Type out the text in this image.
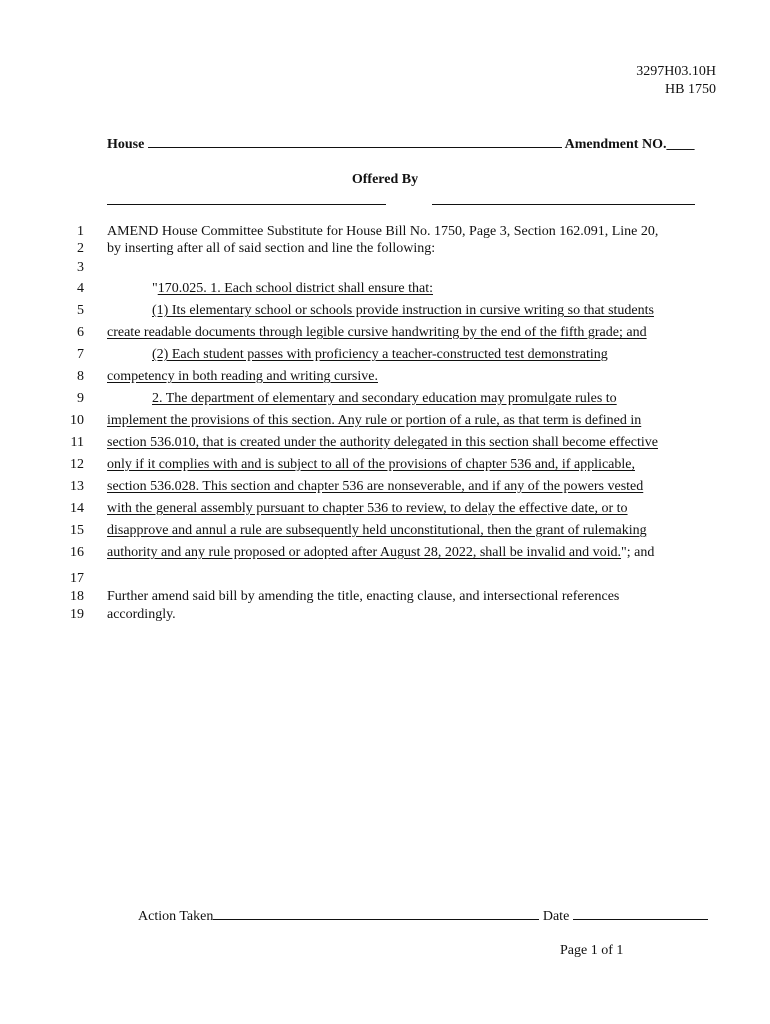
3297H03.10H
HB 1750
House	Amendment NO.____
Offered By
1 AMEND House Committee Substitute for House Bill No. 1750, Page 3, Section 162.091, Line 20,
2 by inserting after all of said section and line the following:
3
4	"170.025. 1. Each school district shall ensure that:
5	(1) Its elementary school or schools provide instruction in cursive writing so that students
6 create readable documents through legible cursive handwriting by the end of the fifth grade; and
7	(2) Each student passes with proficiency a teacher-constructed test demonstrating
8 competency in both reading and writing cursive.
9	2. The department of elementary and secondary education may promulgate rules to
10 implement the provisions of this section. Any rule or portion of a rule, as that term is defined in
11 section 536.010, that is created under the authority delegated in this section shall become effective
12 only if it complies with and is subject to all of the provisions of chapter 536 and, if applicable,
13 section 536.028. This section and chapter 536 are nonseverable, and if any of the powers vested
14 with the general assembly pursuant to chapter 536 to review, to delay the effective date, or to
15 disapprove and annul a rule are subsequently held unconstitutional, then the grant of rulemaking
16 authority and any rule proposed or adopted after August 28, 2022, shall be invalid and void."; and
17
18 Further amend said bill by amending the title, enacting clause, and intersectional references
19 accordingly.
Action Taken	Date
Page 1 of 1
